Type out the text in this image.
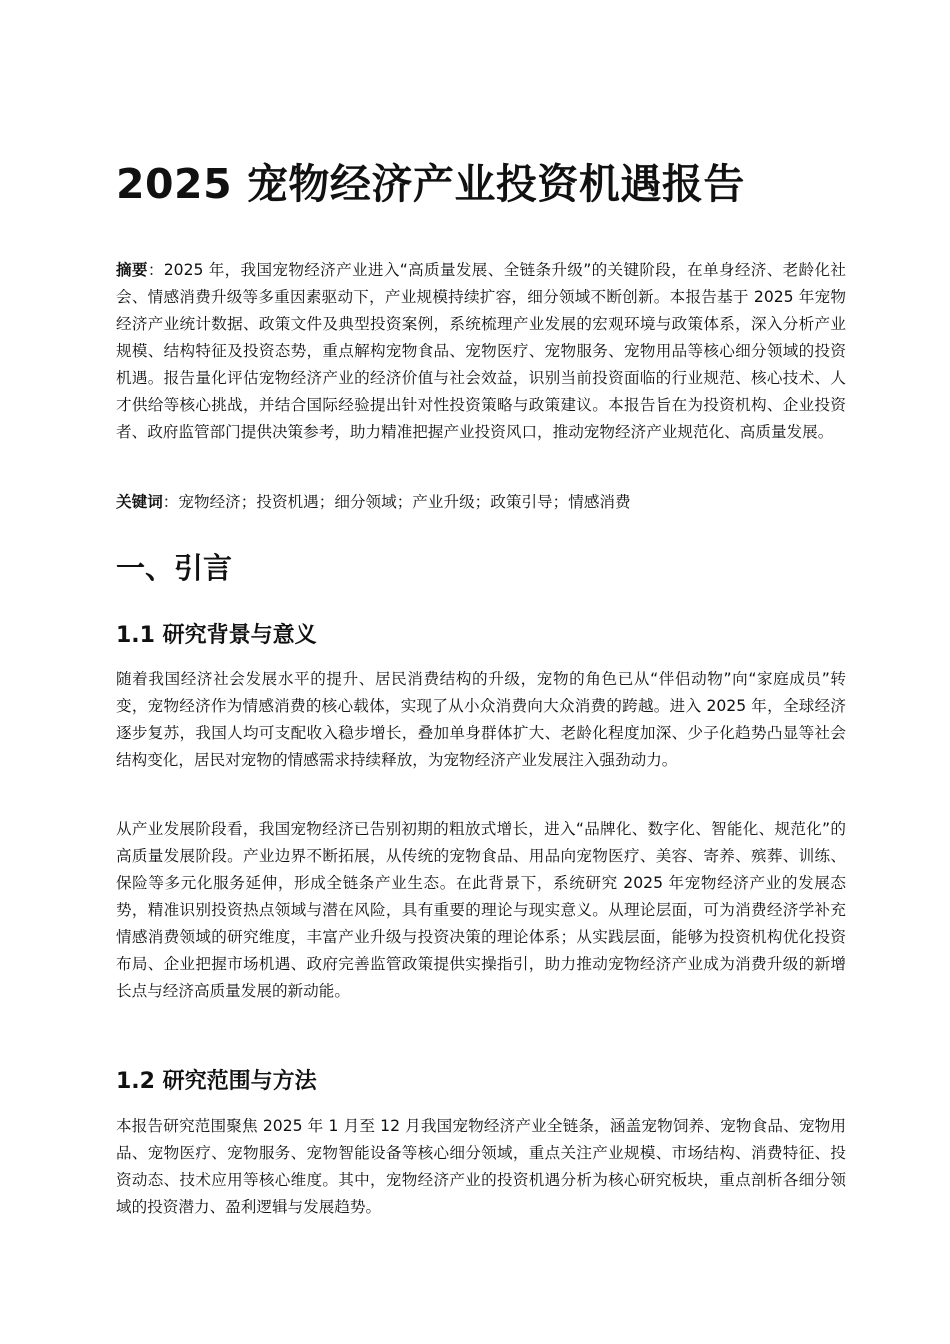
2025 宠物经济产业投资机遇报告

摘要：2025 年，我国宠物经济产业进入“高质量发展、全链条升级”的关键阶段，在单身经济、老龄化社会、情感消费升级等多重因素驱动下，产业规模持续扩容，细分领域不断创新。本报告基于 2025 年宠物经济产业统计数据、政策文件及典型投资案例，系统梳理产业发展的宏观环境与政策体系，深入分析产业规模、结构特征及投资态势，重点解构宠物食品、宠物医疗、宠物服务、宠物用品等核心细分领域的投资机遇。报告量化评估宠物经济产业的经济价值与社会效益，识别当前投资面临的行业规范、核心技术、人才供给等核心挑战，并结合国际经验提出针对性投资策略与政策建议。本报告旨在为投资机构、企业投资者、政府监管部门提供决策参考，助力精准把握产业投资风口，推动宠物经济产业规范化、高质量发展。

关键词：宠物经济；投资机遇；细分领域；产业升级；政策引导；情感消费

一、引言
1.1 研究背景与意义

随着我国经济社会发展水平的提升、居民消费结构的升级，宠物的角色已从“伴侣动物”向“家庭成员”转变，宠物经济作为情感消费的核心载体，实现了从小众消费向大众消费的跨越。进入 2025 年，全球经济逐步复苏，我国人均可支配收入稳步增长，叠加单身群体扩大、老龄化程度加深、少子化趋势凸显等社会结构变化，居民对宠物的情感需求持续释放，为宠物经济产业发展注入强劲动力。

从产业发展阶段看，我国宠物经济已告别初期的粗放式增长，进入“品牌化、数字化、智能化、规范化”的高质量发展阶段。产业边界不断拓展，从传统的宠物食品、用品向宠物医疗、美容、寄养、殡葬、训练、保险等多元化服务延伸，形成全链条产业生态。在此背景下，系统研究 2025 年宠物经济产业的发展态势，精准识别投资热点领域与潜在风险，具有重要的理论与现实意义。从理论层面，可为消费经济学补充情感消费领域的研究维度，丰富产业升级与投资决策的理论体系；从实践层面，能够为投资机构优化投资布局、企业把握市场机遇、政府完善监管政策提供实操指引，助力推动宠物经济产业成为消费升级的新增长点与经济高质量发展的新动能。

1.2 研究范围与方法

本报告研究范围聚焦 2025 年 1 月至 12 月我国宠物经济产业全链条，涵盖宠物饲养、宠物食品、宠物用品、宠物医疗、宠物服务、宠物智能设备等核心细分领域，重点关注产业规模、市场结构、消费特征、投资动态、技术应用等核心维度。其中，宠物经济产业的投资机遇分析为核心研究板块，重点剖析各细分领域的投资潜力、盈利逻辑与发展趋势。
